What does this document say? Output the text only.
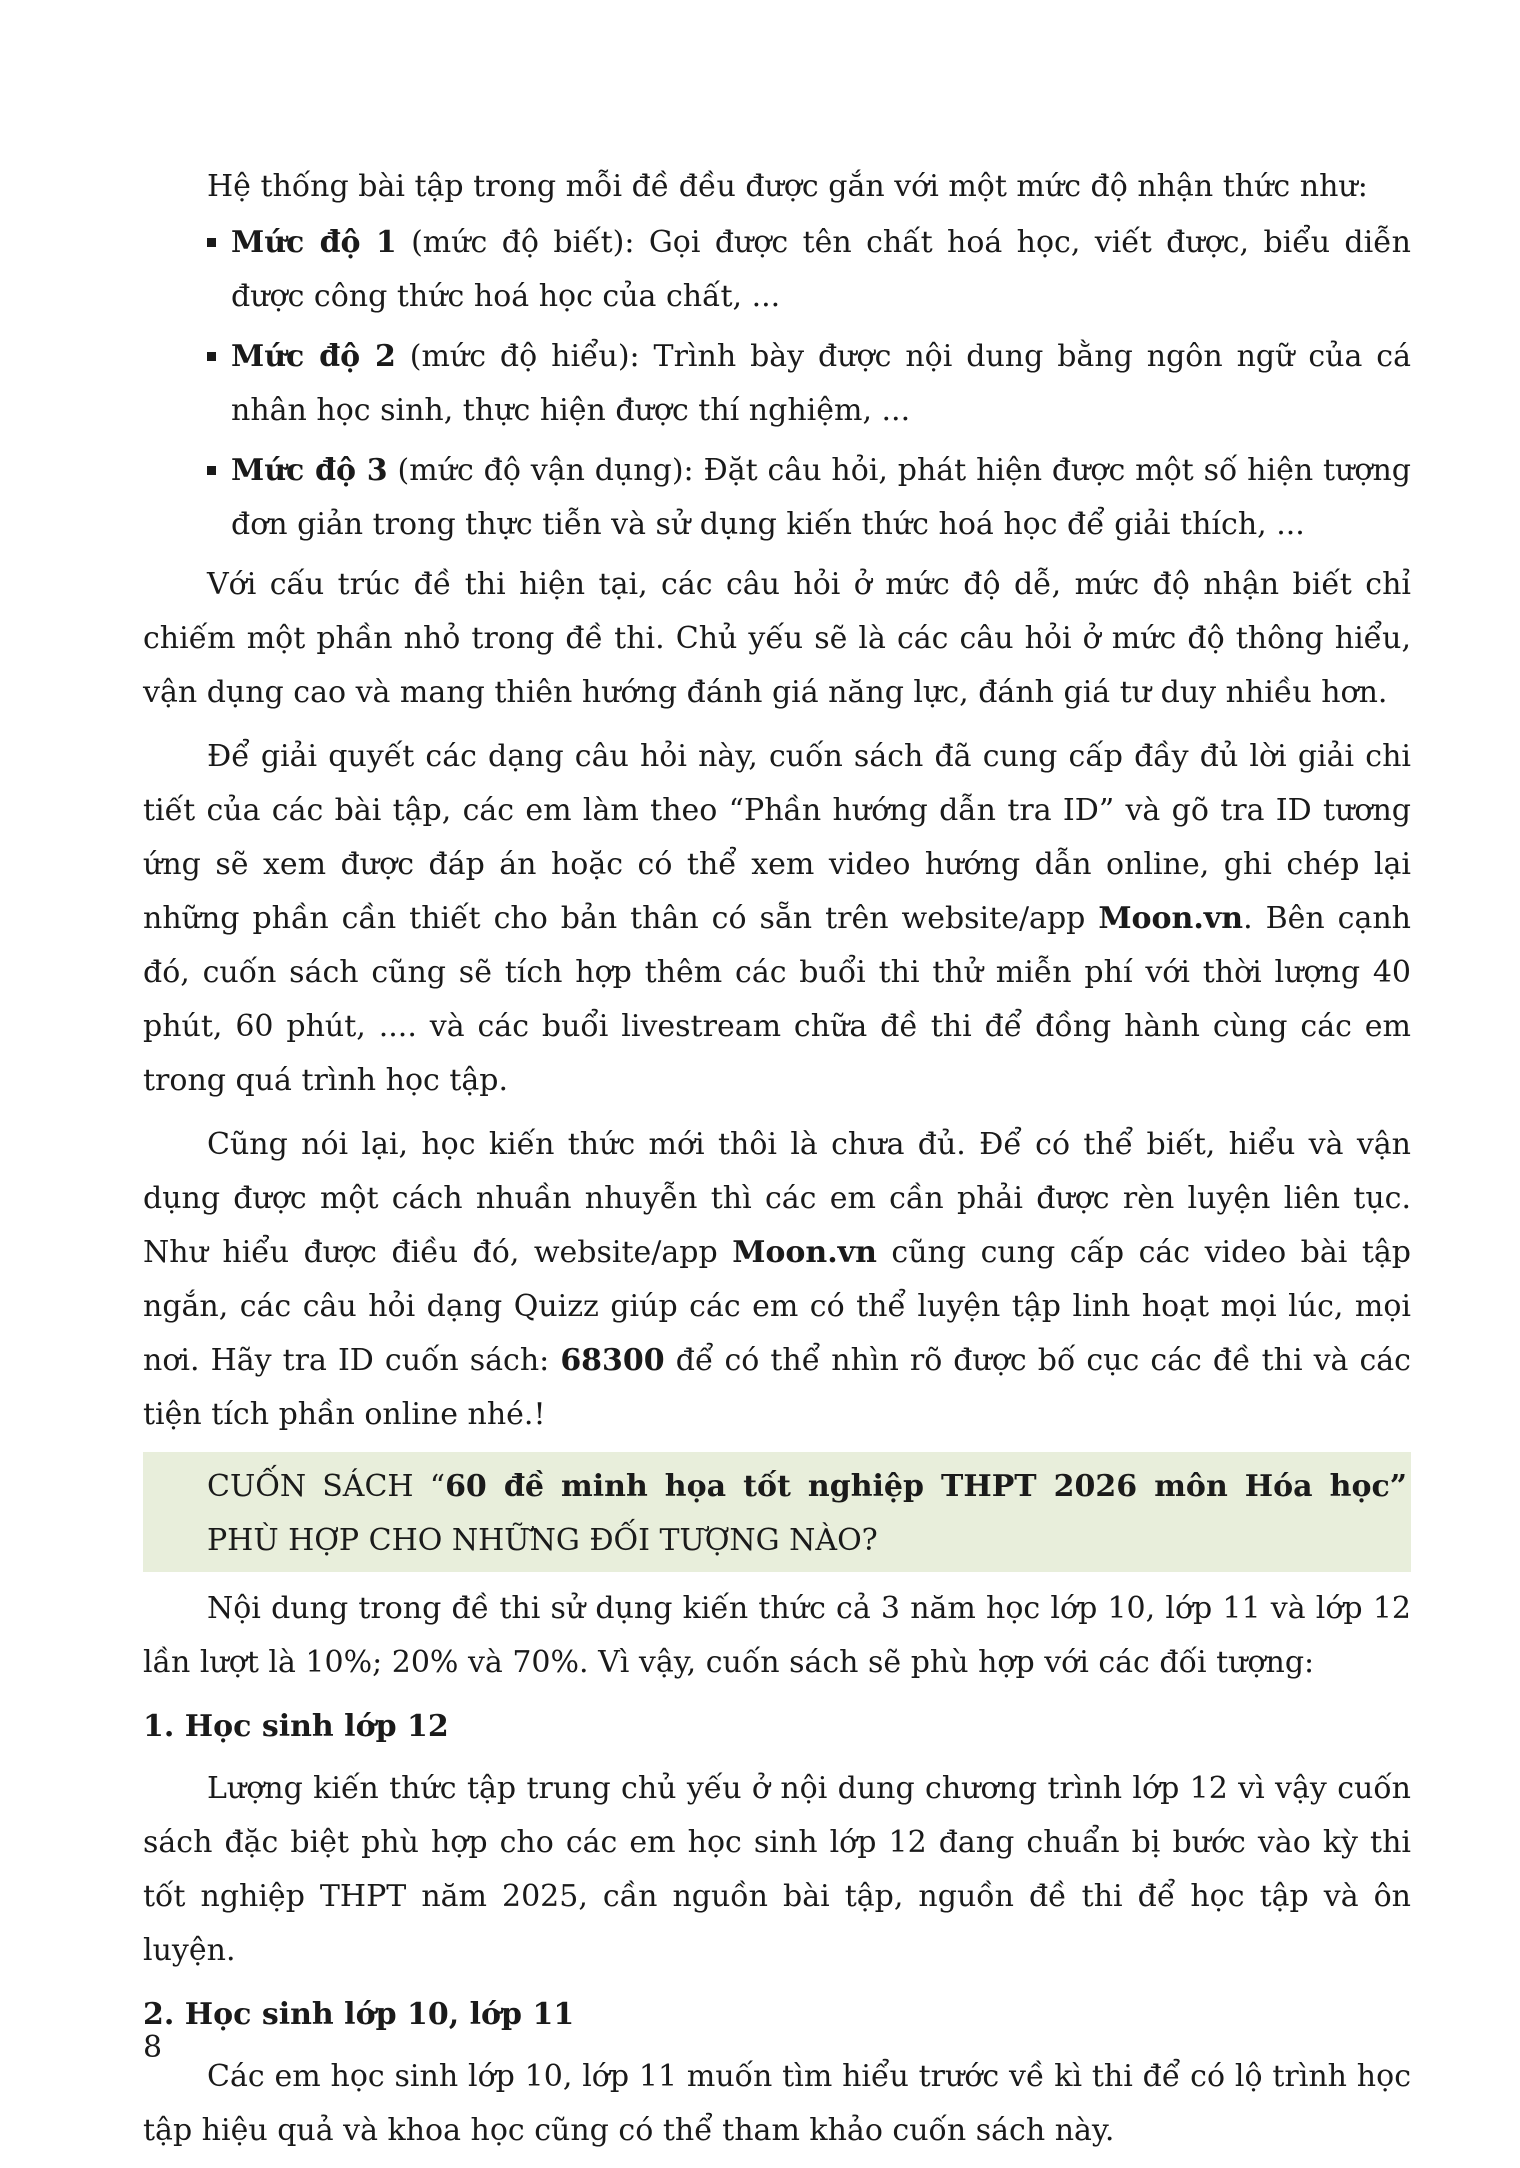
Hệ thống bài tập trong mỗi đề đều được gắn với một mức độ nhận thức như:

Mức độ 1 (mức độ biết): Gọi được tên chất hoá học, viết được, biểu diễn được công thức hoá học của chất, ...
Mức độ 2 (mức độ hiểu): Trình bày được nội dung bằng ngôn ngữ của cá nhân học sinh, thực hiện được thí nghiệm, ...
Mức độ 3 (mức độ vận dụng): Đặt câu hỏi, phát hiện được một số hiện tượng đơn giản trong thực tiễn và sử dụng kiến thức hoá học để giải thích, ...

Với cấu trúc đề thi hiện tại, các câu hỏi ở mức độ dễ, mức độ nhận biết chỉ chiếm một phần nhỏ trong đề thi. Chủ yếu sẽ là các câu hỏi ở mức độ thông hiểu, vận dụng cao và mang thiên hướng đánh giá năng lực, đánh giá tư duy nhiều hơn.

Để giải quyết các dạng câu hỏi này, cuốn sách đã cung cấp đầy đủ lời giải chi tiết của các bài tập, các em làm theo “Phần hướng dẫn tra ID” và gõ tra ID tương ứng sẽ xem được đáp án hoặc có thể xem video hướng dẫn online, ghi chép lại những phần cần thiết cho bản thân có sẵn trên website/app Moon.vn. Bên cạnh đó, cuốn sách cũng sẽ tích hợp thêm các buổi thi thử miễn phí với thời lượng 40 phút, 60 phút, .... và các buổi livestream chữa đề thi để đồng hành cùng các em trong quá trình học tập.

Cũng nói lại, học kiến thức mới thôi là chưa đủ. Để có thể biết, hiểu và vận dụng được một cách nhuần nhuyễn thì các em cần phải được rèn luyện liên tục. Như hiểu được điều đó, website/app Moon.vn cũng cung cấp các video bài tập ngắn, các câu hỏi dạng Quizz giúp các em có thể luyện tập linh hoạt mọi lúc, mọi nơi. Hãy tra ID cuốn sách: 68300 để có thể nhìn rõ được bố cục các đề thi và các tiện tích phần online nhé.!

CUỐN SÁCH “60 đề minh họa tốt nghiệp THPT 2026 môn Hóa học” PHÙ HỢP CHO NHỮNG ĐỐI TƯỢNG NÀO?

Nội dung trong đề thi sử dụng kiến thức cả 3 năm học lớp 10, lớp 11 và lớp 12 lần lượt là 10%; 20% và 70%. Vì vậy, cuốn sách sẽ phù hợp với các đối tượng:

1. Học sinh lớp 12

Lượng kiến thức tập trung chủ yếu ở nội dung chương trình lớp 12 vì vậy cuốn sách đặc biệt phù hợp cho các em học sinh lớp 12 đang chuẩn bị bước vào kỳ thi tốt nghiệp THPT năm 2025, cần nguồn bài tập, nguồn đề thi để học tập và ôn luyện.

2. Học sinh lớp 10, lớp 11

Các em học sinh lớp 10, lớp 11 muốn tìm hiểu trước về kì thi để có lộ trình học tập hiệu quả và khoa học cũng có thể tham khảo cuốn sách này.

8
